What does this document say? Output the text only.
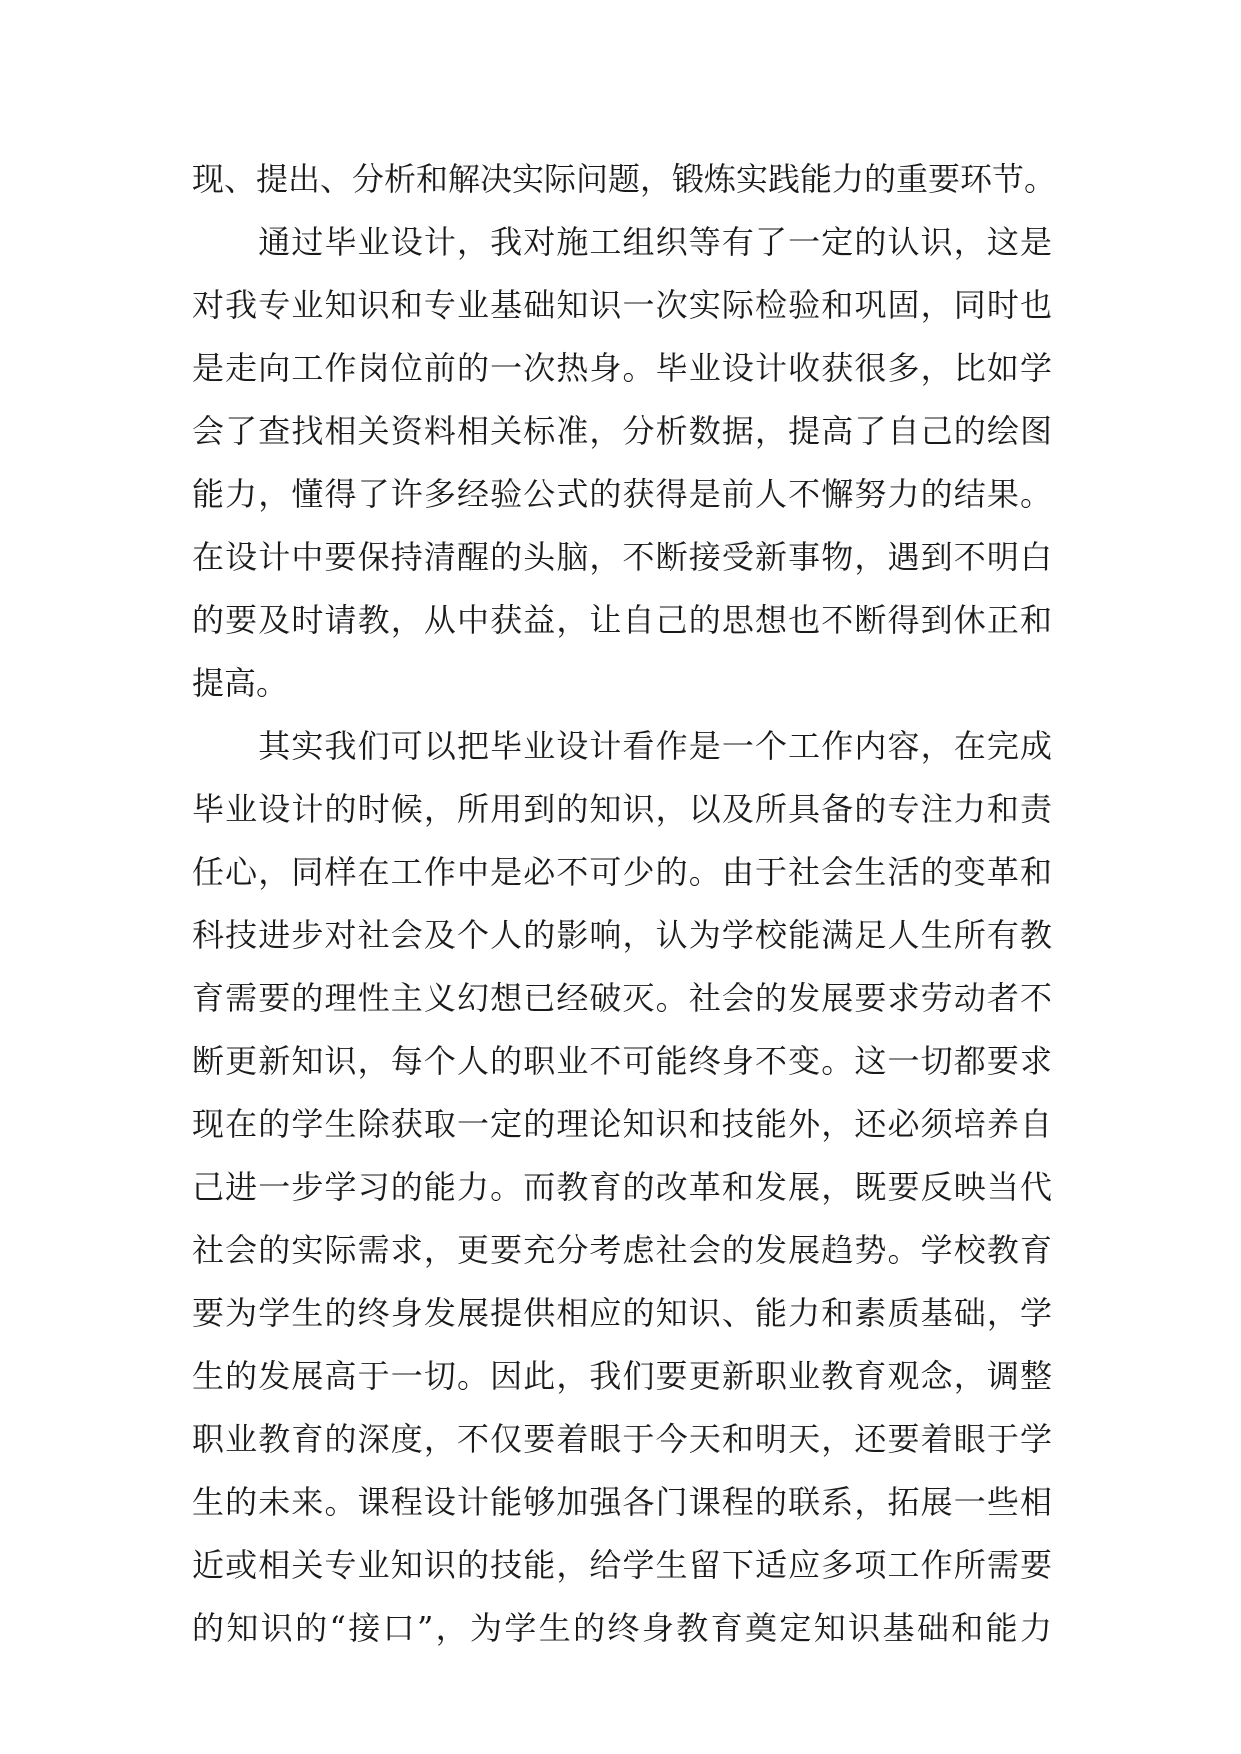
现、提出、分析和解决实际问题，锻炼实践能力的重要环节。
　　通过毕业设计，我对施工组织等有了一定的认识，这是
对我专业知识和专业基础知识一次实际检验和巩固，同时也
是走向工作岗位前的一次热身。毕业设计收获很多，比如学
会了查找相关资料相关标准，分析数据，提高了自己的绘图
能力，懂得了许多经验公式的获得是前人不懈努力的结果。
在设计中要保持清醒的头脑，不断接受新事物，遇到不明白
的要及时请教，从中获益，让自己的思想也不断得到休正和
提高。
　　其实我们可以把毕业设计看作是一个工作内容，在完成
毕业设计的时候，所用到的知识，以及所具备的专注力和责
任心，同样在工作中是必不可少的。由于社会生活的变革和
科技进步对社会及个人的影响，认为学校能满足人生所有教
育需要的理性主义幻想已经破灭。社会的发展要求劳动者不
断更新知识，每个人的职业不可能终身不变。这一切都要求
现在的学生除获取一定的理论知识和技能外，还必须培养自
己进一步学习的能力。而教育的改革和发展，既要反映当代
社会的实际需求，更要充分考虑社会的发展趋势。学校教育
要为学生的终身发展提供相应的知识、能力和素质基础，学
生的发展高于一切。因此，我们要更新职业教育观念，调整
职业教育的深度，不仅要着眼于今天和明天，还要着眼于学
生的未来。课程设计能够加强各门课程的联系，拓展一些相
近或相关专业知识的技能，给学生留下适应多项工作所需要
的知识的“接口”，为学生的终身教育奠定知识基础和能力
